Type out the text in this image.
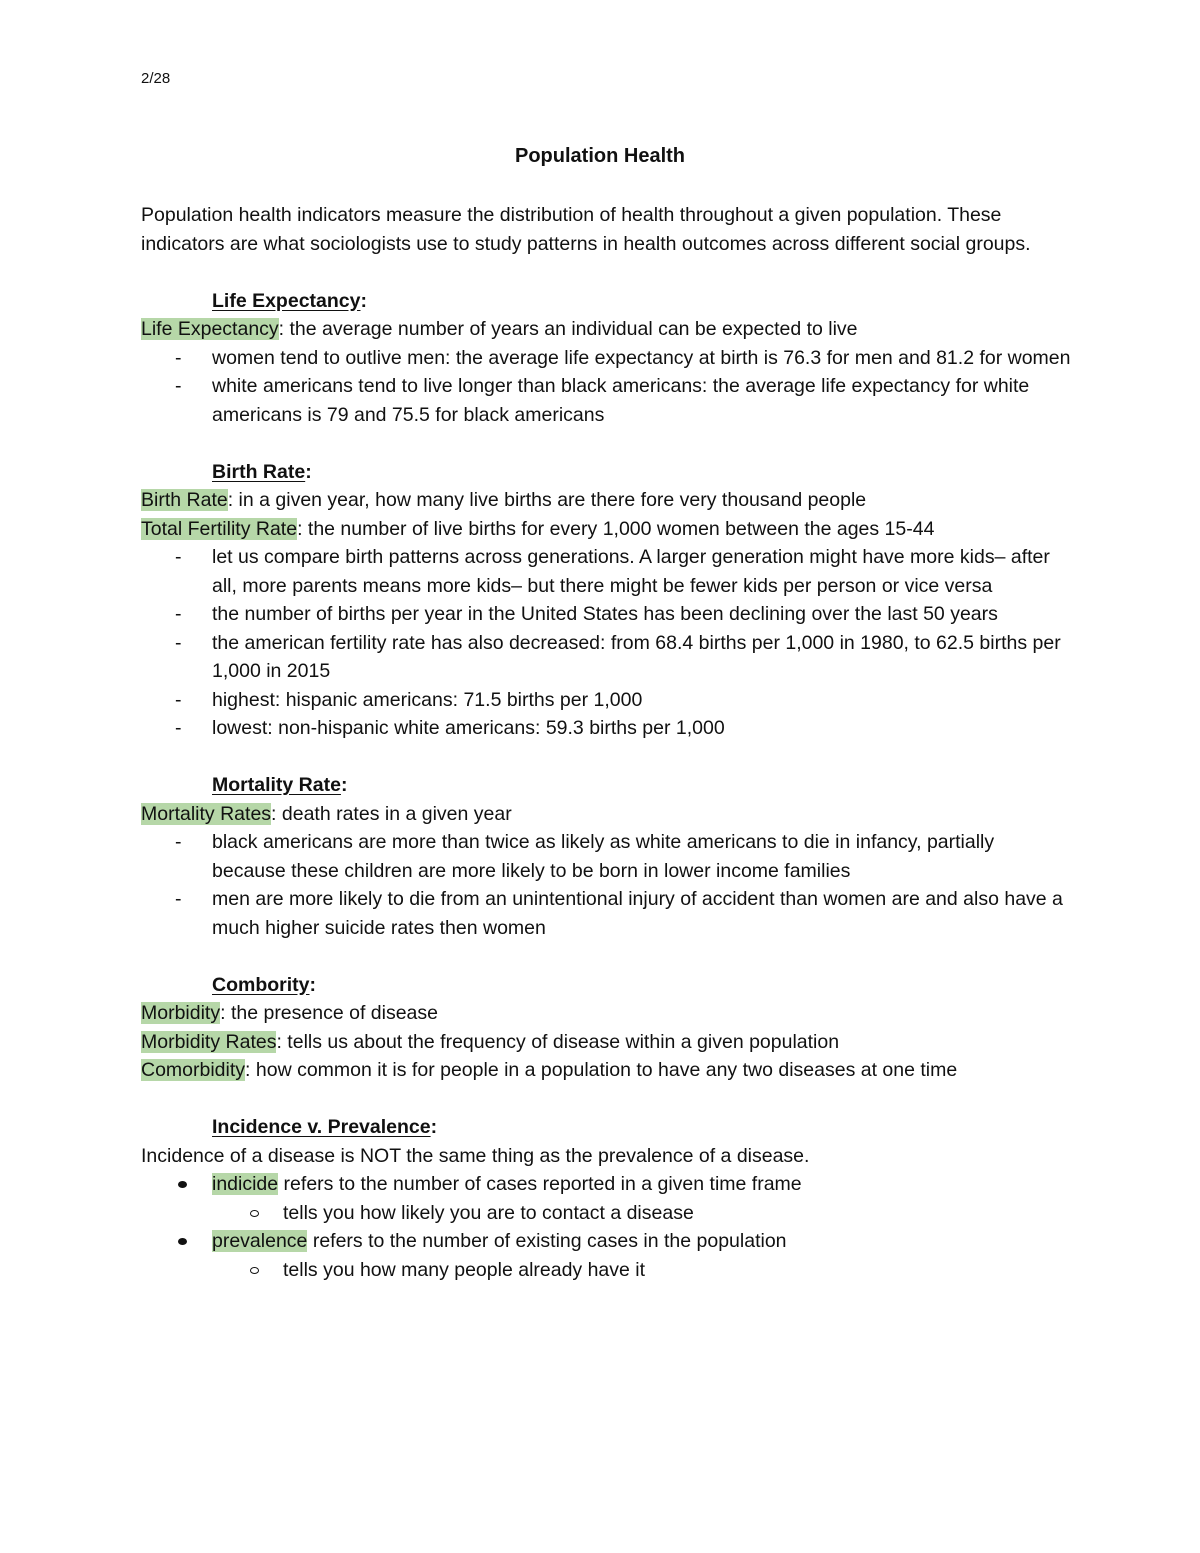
2/28
Population Health

Population health indicators measure the distribution of health throughout a given population. These indicators are what sociologists use to study patterns in health outcomes across different social groups.

Life Expectancy:

Life Expectancy: the average number of years an individual can be expected to live

- women tend to outlive men: the average life expectancy at birth is 76.3 for men and 81.2 for women
- white americans tend to live longer than black americans: the average life expectancy for white americans is 79 and 75.5 for black americans

Birth Rate:

Birth Rate: in a given year, how many live births are there fore very thousand people

Total Fertility Rate: the number of live births for every 1,000 women between the ages 15-44

- let us compare birth patterns across generations. A larger generation might have more kids– after all, more parents means more kids– but there might be fewer kids per person or vice versa
- the number of births per year in the United States has been declining over the last 50 years
- the american fertility rate has also decreased: from 68.4 births per 1,000 in 1980, to 62.5 births per 1,000 in 2015
- highest: hispanic americans: 71.5 births per 1,000
- lowest: non-hispanic white americans: 59.3 births per 1,000

Mortality Rate:

Mortality Rates: death rates in a given year

- black americans are more than twice as likely as white americans to die in infancy, partially because these children are more likely to be born in lower income families
- men are more likely to die from an unintentional injury of accident than women are and also have a much higher suicide rates then women

Combority:

Morbidity: the presence of disease

Morbidity Rates: tells us about the frequency of disease within a given population

Comorbidity: how common it is for people in a population to have any two diseases at one time

Incidence v. Prevalence:

Incidence of a disease is NOT the same thing as the prevalence of a disease.

indicide refers to the number of cases reported in a given time frame
tells you how likely you are to contact a disease
prevalence refers to the number of existing cases in the population
tells you how many people already have it
